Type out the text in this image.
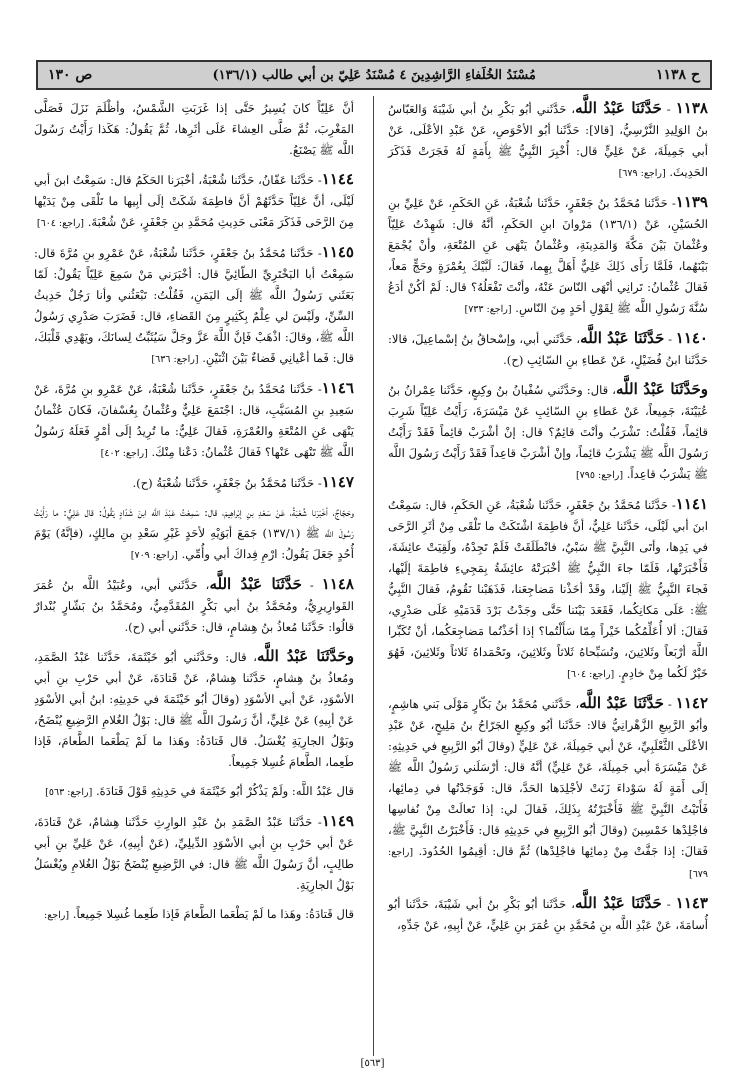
ح ١١٣٨
مُسْنَدُ الخُلَفاءِ الرَّاشِدِينَ ٤ مُسْنَدُ عَلِيّ بن أبي طالب (١٣٦/١)
ص ١٣٠

١١٣٨ - حَدَّثَنَا عَبْدُ اللَّه، حَدَّثَني أبُو بَكْرِ بنُ أبي شَيْبَةَ وَالعَبّاسُ بنُ الوَلِيدِ النَّرْسِيُّ، [قالا]: حَدَّثَنا أبُو الأحْوَصِ، عَنْ عَبْدِ الأعْلَى، عَنْ أبي جَمِيلَةَ، عَنْ عَلِيٍّ قال: أُخْبِرَ النَّبِيُّ ﷺ بِأَمَةٍ لَهُ فَجَرَتْ فَذَكَرَ الحَدِيثَ. [راجع: ٦٧٩]

١١٣٩- حَدَّثَنا مُحَمَّدُ بنُ جَعْفَرٍ، حَدَّثَنا شُعْبَةُ، عَنِ الحَكَمِ، عَنْ عَلِيِّ بنِ الحُسَيْنِ، عَنْ (١٣٦/١) مَرْوانَ ابنِ الحَكَمِ، أنَّهُ قال: شَهِدْتُ عَلِيّاً وعُثْمانَ بَيْنَ مَكَّةَ وَالمَدِينَةِ، وعُثْمانُ يَنْهَى عَنِ المُتْعَةِ، وأنْ يُجْمَعَ بَيْنَهُما، فَلَمَّا رَأَى ذَلِكَ عَلِيٌّ أَهَلَّ بِهِما، فَقالَ: لَبَّيْكَ بِعُمْرَةٍ وحَجٍّ مَعاً، فَقالَ عُثْمانُ: تَرانِي أنْهَى النّاسَ عَنْهُ، وأنْتَ تَفْعَلُهُ؟ قال: لَمْ أكُنْ أدَعُ سُنَّةَ رَسُولِ اللَّه ﷺ لِقَوْلِ أحَدٍ مِنَ النّاسِ. [راجع: ٧٣٣]

١١٤٠ - حَدَّثَنَا عَبْدُ اللَّه، حَدَّثَني أبي، وإسْحاقُ بنُ إسْماعِيلَ، قالا: حَدَّثَنا ابنُ فُضَيْلٍ، عَنْ عَطاءِ بنِ السّائِبِ (ح).

وحَدَّثَنَا عَبْدُ اللَّه، قال: وحَدَّثَني سُفْيانُ بنُ وكِيعٍ، حَدَّثَنا عِمْرانُ بنُ عُيَيْنَةَ، جَمِيعاً، عَنْ عَطاءِ بنِ السّائِبِ عَنْ مَيْسَرَةَ، رَأَيْتُ عَلِيّاً شَرِبَ قائِماً، فَقُلْتُ: تَشْرَبُ وأنْتَ قائِمٌ؟ قال: إنْ أشْرَبْ قائِماً فَقَدْ رَأَيْتُ رَسُولَ اللَّه ﷺ يَشْرَبُ قائِماً، وإنْ أشْرَبْ قاعِداً فَقَدْ رَأَيْتُ رَسُولَ اللَّه ﷺ يَشْرَبُ قاعِداً. [راجع: ٧٩٥]

١١٤١- حَدَّثَنا مُحَمَّدُ بنُ جَعْفَرٍ، حَدَّثَنا شُعْبَةُ، عَنِ الحَكَمِ، قال: سَمِعْتُ ابنَ أبي لَيْلَى، حَدَّثَنا عَلِيٌّ، أنَّ فاطِمَةَ اشْتَكَتْ ما تَلْقَى مِنْ أثَرِ الرَّحَى في يَدِها، وأتَى النَّبِيَّ ﷺ سَبْيٌ، فانْطَلَقَتْ فَلَمْ تَجِدْهُ، ولَقِيَتْ عائِشَةَ، فَأَخْبَرَتْها، فَلَمّا جاءَ النَّبِيُّ ﷺ أخْبَرَتْهُ عائِشَةُ بِمَجِيءِ فاطِمَةَ إلَيْها، فَجاءَ النَّبِيُّ ﷺ إلَيْنا، وقَدْ أخَذْنا مَضاجِعَنا، فَذَهَبْنا نَقُومُ، فَقالَ النَّبِيُّ ﷺ: عَلَى مَكانِكُما، فَقَعَدَ بَيْنَنا حَتَّى وجَدْتُ بَرْدَ قَدَمَيْهِ عَلَى صَدْرِي، فَقالَ: ألا أُعَلِّمُكُما خَيْراً مِمّا سَأَلْتُما؟ إذا أخَذْتُما مَضاجِعَكُما، أنْ تُكَبِّرا اللَّهَ أرْبَعاً وثَلاثِينَ، وتُسَبِّحاهُ ثَلاثاً وثَلاثِينَ، وتَحْمَداهُ ثَلاثاً وثَلاثِينَ، فَهُوَ خَيْرٌ لَكُما مِنْ خادِمٍ. [راجع: ٦٠٤]

١١٤٢ - حَدَّثَنَا عَبْدُ اللَّه، حَدَّثَني مُحَمَّدُ بنُ بَكّارٍ مَوْلَى بَني هاشِمٍ، وأبُو الرَّبِيعِ الزَّهْرانِيُّ قالا: حَدَّثَنا أبُو وكِيعٍ الجَرّاحُ بنُ مَلِيحٍ، عَنْ عَبْدِ الأعْلَى الثَّعْلَبِيِّ، عَنْ أبي جَمِيلَةَ، عَنْ عَلِيٍّ (وقالَ أبُو الرَّبِيعِ في حَدِيثِهِ: عَنْ مَيْسَرَةَ أبي جَمِيلَةَ، عَنْ عَلِيٍّ) أنَّهُ قال: أرْسَلَني رَسُولُ اللَّه ﷺ إلَى أَمَةٍ لَهُ سَوْداءَ زَنَتْ لأجْلِدَها الحَدَّ، قال: فَوَجَدْتُها في دِمائِها، فَأَتَيْتُ النَّبِيَّ ﷺ فَأَخْبَرْتُهُ بِذَلِكَ، فَقالَ لي: إذا تَعالَتْ مِنْ نُفاسِها فاجْلِدْها خَمْسِينَ (وقالَ أبُو الرَّبِيعِ في حَدِيثِهِ قال: فَأَخْبَرْتُ النَّبِيَّ ﷺ، فَقالَ: إذا جَفَّتْ مِنْ دِمائِها فاجْلِدْها) ثُمَّ قال: أقِيمُوا الحُدُودَ. [راجع: ٦٧٩]

١١٤٣ - حَدَّثَنَا عَبْدُ اللَّه، حَدَّثَنا أبُو بَكْرِ بنُ أبي شَيْبَةَ، حَدَّثَنا أبُو أُسامَةَ، عَنْ عَبْدِ اللَّه بنِ مُحَمَّدِ بنِ عُمَرَ بنِ عَلِيٍّ، عَنْ أبِيهِ، عَنْ جَدِّهِ،

أنَّ عَلِيّاً كانَ يُسِيرُ حَتَّى إذا غَرَبَتِ الشَّمْسُ، وأظْلَمَ نَزَلَ فَصَلَّى المَغْرِبَ، ثُمَّ صَلَّى العِشاءَ عَلَى أثَرِها، ثُمَّ يَقُولُ: هَكَذا رَأَيْتُ رَسُولَ اللَّه ﷺ يَصْنَعُ.

١١٤٤- حَدَّثَنا عَفّانُ، حَدَّثَنا شُعْبَةُ، أخْبَرَنا الحَكَمُ قال: سَمِعْتُ ابنَ أبي لَيْلَى، أنَّ عَلِيّاً حَدَّثَهُمْ أنَّ فاطِمَةَ شَكَتْ إلَى أبِيها ما تَلْقَى مِنْ يَدَيْها مِنَ الرَّحَى فَذَكَرَ مَعْنَى حَدِيثِ مُحَمَّدِ بنِ جَعْفَرٍ، عَنْ شُعْبَةَ. [راجع: ٦٠٤]

١١٤٥- حَدَّثَنا مُحَمَّدُ بنُ جَعْفَرٍ، حَدَّثَنا شُعْبَةُ، عَنْ عَمْرِو بنِ مُرَّةَ قال: سَمِعْتُ أبا البَخْتَرِيِّ الطّائِيَّ قال: أخْبَرَني مَنْ سَمِعَ عَلِيّاً يَقُولُ: لَمّا بَعَثَني رَسُولُ اللَّه ﷺ إلَى اليَمَنِ، فَقُلْتُ: تَبْعَثُني وأنا رَجُلٌ حَدِيثُ السِّنِّ، ولَيْسَ لي عِلْمٌ بِكَثِيرٍ مِنَ القَضاءِ، قال: فَضَرَبَ صَدْرِي رَسُولُ اللَّه ﷺ، وقالَ: اذْهَبْ فَإنَّ اللَّهَ عَزَّ وجَلَّ سَيُثَبِّتُ لِسانَكَ، ويَهْدِي قَلْبَكَ، قال: فَما أعْيانِي قَضاءٌ بَيْنَ اثْنَيْنِ. [راجع: ٦٣٦]

١١٤٦- حَدَّثَنا مُحَمَّدُ بنُ جَعْفَرٍ، حَدَّثَنا شُعْبَةُ، عَنْ عَمْرِو بنِ مُرَّةَ، عَنْ سَعِيدِ بنِ المُسَيَّبِ، قال: اجْتَمَعَ عَلِيٌّ وعُثْمانُ بِعُسْفانَ، فَكانَ عُثْمانُ يَنْهَى عَنِ المُتْعَةِ والعُمْرَةِ، فَقالَ عَلِيٌّ: ما تُرِيدُ إلَى أمْرٍ فَعَلَهُ رَسُولُ اللَّه ﷺ تَنْهَى عَنْها؟ فَقالَ عُثْمانُ: دَعْنا مِنْكَ. [راجع: ٤٠٢]

١١٤٧- حَدَّثَنا مُحَمَّدُ بنُ جَعْفَرٍ، حَدَّثَنا شُعْبَةُ (ح).

وحَجّاجٌ، أخْبَرَنا شُعْبَةُ، عَنْ سَعْدِ بنِ إبْراهِيمَ، قال: سَمِعْتُ عَبْدَ اللَّه ابنَ شَدّادٍ يَقُولُ: قال عَلِيٌّ: ما رَأَيْتُ رَسُولَ اللَّه ﷺ (١٣٧/١) جَمَعَ أبَوَيْهِ لأحَدٍ غَيْرِ سَعْدِ بنِ مالِكٍ، (فإنَّهُ) يَوْمَ أُحُدٍ جَعَلَ يَقُولُ: ارْمِ فِداكَ أبي وأُمِّي. [راجع: ٧٠٩]

١١٤٨ - حَدَّثَنَا عَبْدُ اللَّه، حَدَّثَني أبي، وعُبَيْدُ اللَّه بنُ عُمَرَ القَوارِيرِيُّ، ومُحَمَّدُ بنُ أبي بَكْرٍ المُقَدَّمِيُّ، ومُحَمَّدُ بنُ بَشّارٍ بُنْدارٌ قالُوا: حَدَّثَنا مُعاذُ بنُ هِشامٍ، قال: حَدَّثَني أبي (ح).

وحَدَّثَنَا عَبْدُ اللَّه، قال: وحَدَّثَني أبُو خَيْثَمَةَ، حَدَّثَنا عَبْدُ الصَّمَدِ، ومُعاذُ بنُ هِشامٍ، حَدَّثَنا هِشامٌ، عَنْ قَتادَةَ، عَنْ أبي حَرْبِ بنِ أبي الأسْوَدِ، عَنْ أبي الأسْوَدِ (وقالَ أبُو خَيْثَمَةَ في حَدِيثِهِ: ابنُ أبي الأسْوَدِ عَنْ أبِيهِ) عَنْ عَلِيٍّ، أنَّ رَسُولَ اللَّه ﷺ قال: بَوْلُ الغُلامِ الرَّضِيعِ يُنْضَحُ، وبَوْلُ الجارِيَةِ يُغْسَلُ. قال قَتادَةُ: وهَذا ما لَمْ يَطْعَما الطَّعامَ، فَإذا طَعِما، الطَّعامَ غُسِلا جَمِيعاً.

قال عَبْدُ اللَّه: ولَمْ يَذْكُرْ أبُو خَيْثَمَةَ في حَدِيثِهِ قَوْلَ قَتادَةَ. [راجع: ٥٦٣]

١١٤٩- حَدَّثَنا عَبْدُ الصَّمَدِ بنُ عَبْدِ الوارِثِ حَدَّثَنا هِشامٌ، عَنْ قَتادَةَ، عَنْ أبي حَرْبِ بنِ أبي الأسْوَدِ الدِّيلِيِّ، (عَنْ أبِيهِ)، عَنْ عَلِيِّ بنِ أبي طالِبٍ، أنَّ رَسُولَ اللَّه ﷺ قال: في الرَّضِيعِ يُنْضَحُ بَوْلُ الغُلامِ ويُغْسَلُ بَوْلُ الجارِيَةِ.

قال قَتادَةُ: وهَذا ما لَمْ يَطْعَما الطَّعامَ فَإذا طَعِما غُسِلا جَمِيعاً. [راجع:

[٥٦٣]
